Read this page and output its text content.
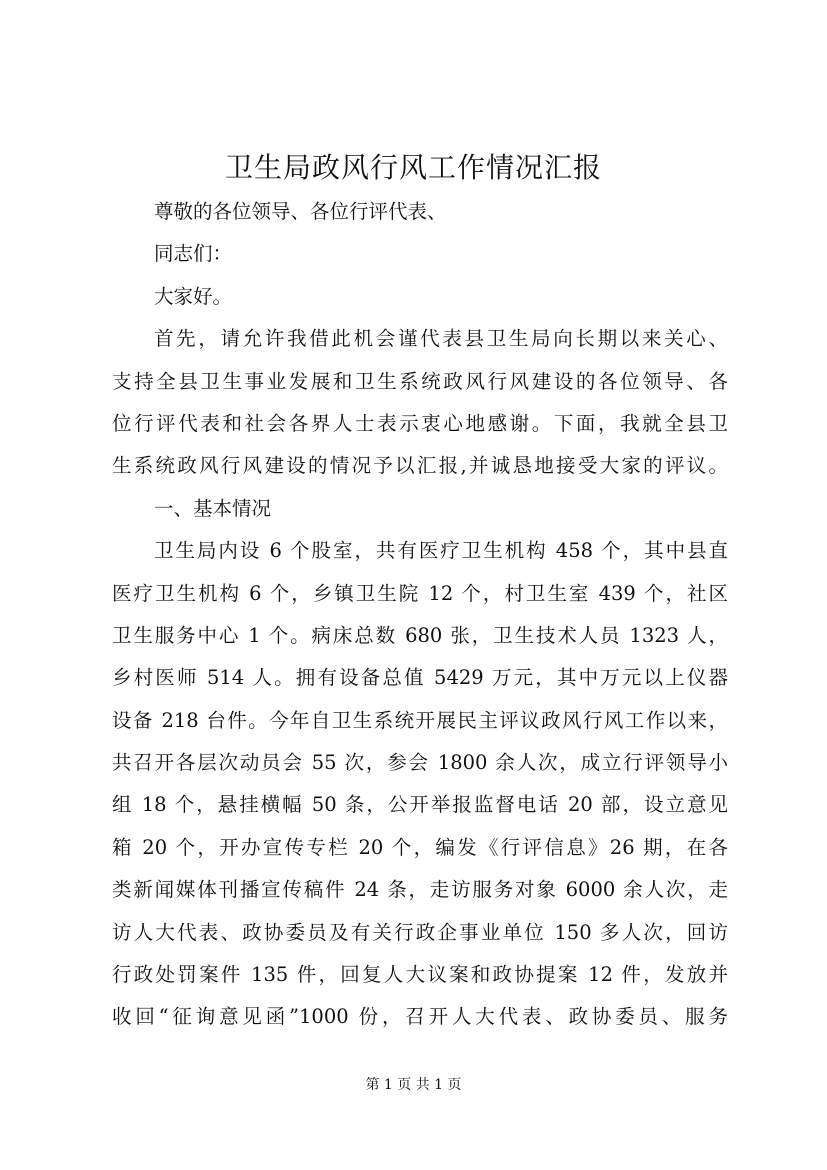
卫生局政风行风工作情况汇报

尊敬的各位领导、各位行评代表、

同志们：

大家好。

首先，请允许我借此机会谨代表县卫生局向长期以来关心、

支持全县卫生事业发展和卫生系统政风行风建设的各位领导、各

位行评代表和社会各界人士表示衷心地感谢。下面，我就全县卫

生系统政风行风建设的情况予以汇报,并诚恳地接受大家的评议。

一、基本情况

卫生局内设 6 个股室，共有医疗卫生机构 458 个，其中县直

医疗卫生机构 6 个，乡镇卫生院 12 个，村卫生室 439 个，社区

卫生服务中心 1 个。病床总数 680 张，卫生技术人员 1323 人，

乡村医师 514 人。拥有设备总值 5429 万元，其中万元以上仪器

设备 218 台件。今年自卫生系统开展民主评议政风行风工作以来，

共召开各层次动员会 55 次，参会 1800 余人次，成立行评领导小

组 18 个，悬挂横幅 50 条，公开举报监督电话 20 部，设立意见

箱 20 个，开办宣传专栏 20 个，编发《行评信息》26 期，在各

类新闻媒体刊播宣传稿件 24 条，走访服务对象 6000 余人次，走

访人大代表、政协委员及有关行政企事业单位 150 多人次，回访

行政处罚案件 135 件，回复人大议案和政协提案 12 件，发放并

收回“征询意见函”1000 份，召开人大代表、政协委员、服务

第 1 页 共 1 页
